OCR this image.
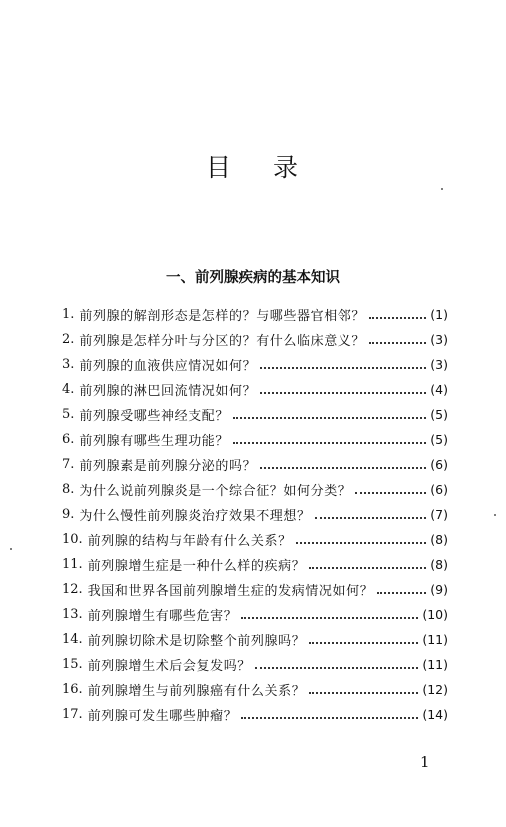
目 录
一、前列腺疾病的基本知识
1. 前列腺的解剖形态是怎样的？与哪些器官相邻？	(1)
2. 前列腺是怎样分叶与分区的？有什么临床意义？	(3)
3. 前列腺的血液供应情况如何？	(3)
4. 前列腺的淋巴回流情况如何？	(4)
5. 前列腺受哪些神经支配？	(5)
6. 前列腺有哪些生理功能？	(5)
7. 前列腺素是前列腺分泌的吗？	(6)
8. 为什么说前列腺炎是一个综合征？如何分类？	(6)
9. 为什么慢性前列腺炎治疗效果不理想？	(7)
10. 前列腺的结构与年龄有什么关系？	(8)
11. 前列腺增生症是一种什么样的疾病？	(8)
12. 我国和世界各国前列腺增生症的发病情况如何？	(9)
13. 前列腺增生有哪些危害？	(10)
14. 前列腺切除术是切除整个前列腺吗？	(11)
15. 前列腺增生术后会复发吗？	(11)
16. 前列腺增生与前列腺癌有什么关系？	(12)
17. 前列腺可发生哪些肿瘤？	(14)
1
